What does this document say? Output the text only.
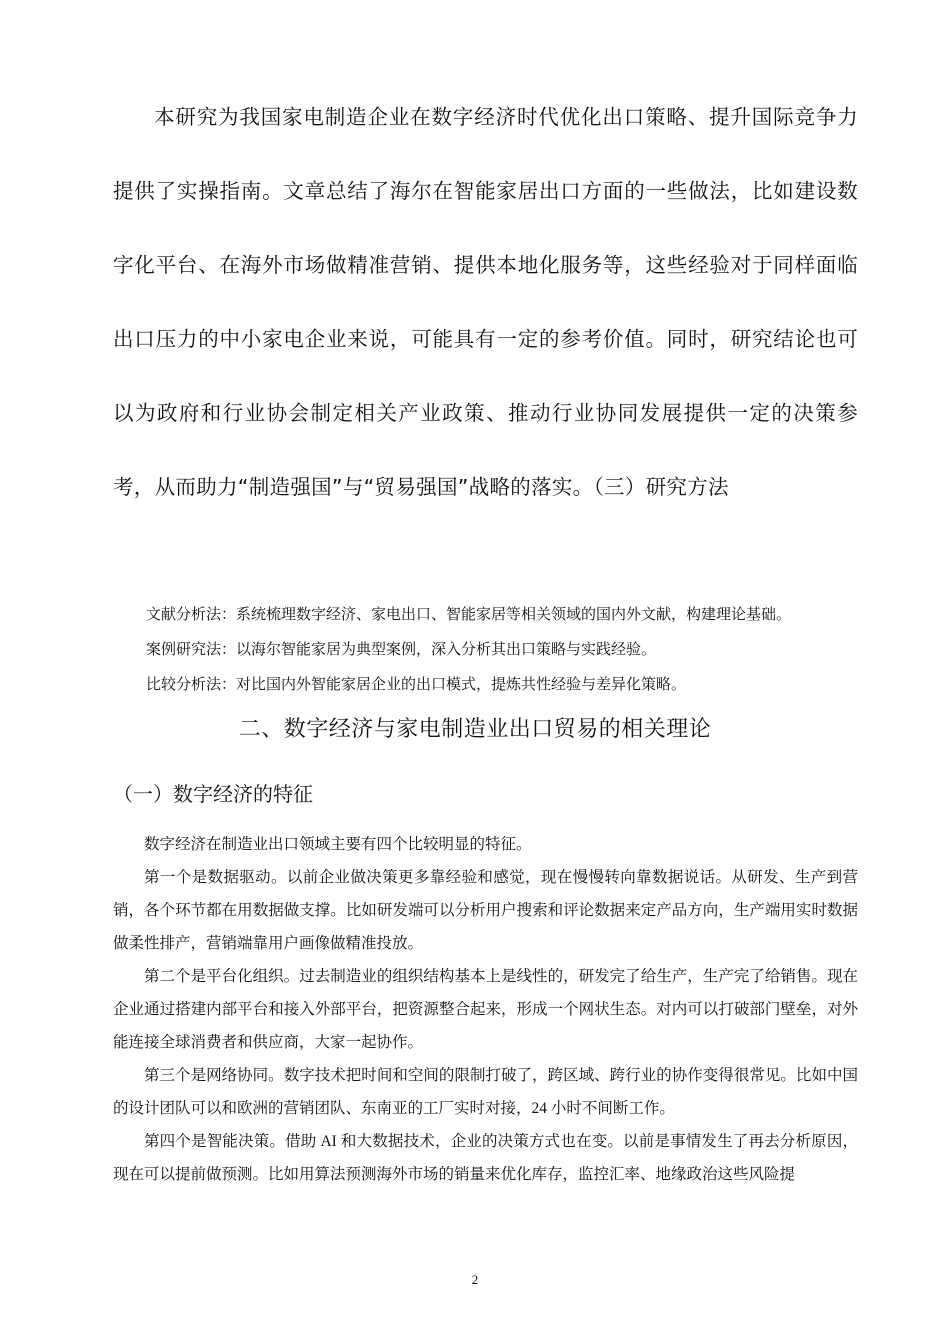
本研究为我国家电制造企业在数字经济时代优化出口策略、提升国际竞争力提供了实操指南。文章总结了海尔在智能家居出口方面的一些做法，比如建设数字化平台、在海外市场做精准营销、提供本地化服务等，这些经验对于同样面临出口压力的中小家电企业来说，可能具有一定的参考价值。同时，研究结论也可以为政府和行业协会制定相关产业政策、推动行业协同发展提供一定的决策参考，从而助力“制造强国”与“贸易强国”战略的落实。（三）研究方法

文献分析法：系统梳理数字经济、家电出口、智能家居等相关领域的国内外文献，构建理论基础。

案例研究法：以海尔智能家居为典型案例，深入分析其出口策略与实践经验。

比较分析法：对比国内外智能家居企业的出口模式，提炼共性经验与差异化策略。

二、数字经济与家电制造业出口贸易的相关理论
（一）数字经济的特征

数字经济在制造业出口领域主要有四个比较明显的特征。

第一个是数据驱动。以前企业做决策更多靠经验和感觉，现在慢慢转向靠数据说话。从研发、生产到营销，各个环节都在用数据做支撑。比如研发端可以分析用户搜索和评论数据来定产品方向，生产端用实时数据做柔性排产，营销端靠用户画像做精准投放。

第二个是平台化组织。过去制造业的组织结构基本上是线性的，研发完了给生产，生产完了给销售。现在企业通过搭建内部平台和接入外部平台，把资源整合起来，形成一个网状生态。对内可以打破部门壁垒，对外能连接全球消费者和供应商，大家一起协作。

第三个是网络协同。数字技术把时间和空间的限制打破了，跨区域、跨行业的协作变得很常见。比如中国的设计团队可以和欧洲的营销团队、东南亚的工厂实时对接，24 小时不间断工作。

第四个是智能决策。借助 AI 和大数据技术，企业的决策方式也在变。以前是事情发生了再去分析原因，现在可以提前做预测。比如用算法预测海外市场的销量来优化库存，监控汇率、地缘政治这些风险提

2
